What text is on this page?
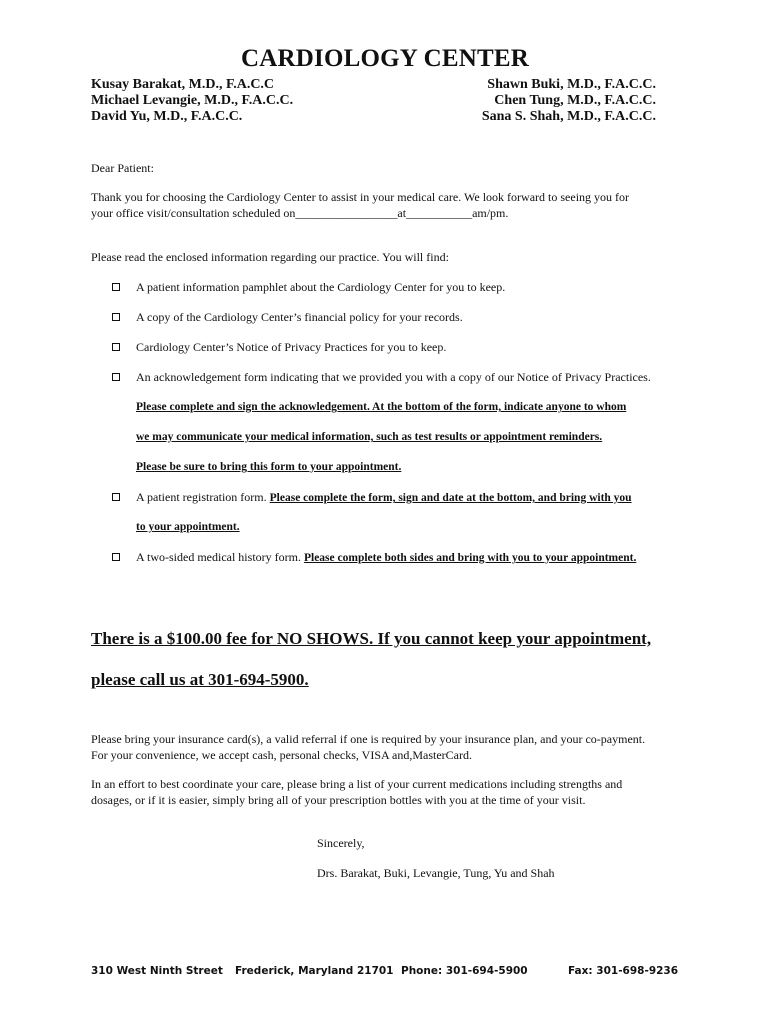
CARDIOLOGY CENTER
Kusay Barakat, M.D., F.A.C.C	Shawn Buki, M.D., F.A.C.C.
Michael Levangie, M.D., F.A.C.C.	Chen Tung, M.D., F.A.C.C.
David Yu, M.D., F.A.C.C.	Sana S. Shah, M.D., F.A.C.C.
Dear Patient:
Thank you for choosing the Cardiology Center to assist in your medical care. We look forward to seeing you for
your office visit/consultation scheduled on_________________at___________am/pm.
Please read the enclosed information regarding our practice. You will find:
A patient information pamphlet about the Cardiology Center for you to keep.
A copy of the Cardiology Center’s financial policy for your records.
Cardiology Center’s Notice of Privacy Practices for you to keep.
An acknowledgement form indicating that we provided you with a copy of our Notice of Privacy Practices.
Please complete and sign the acknowledgement. At the bottom of the form, indicate anyone to whom
we may communicate your medical information, such as test results or appointment reminders.
Please be sure to bring this form to your appointment.
A patient registration form. Please complete the form, sign and date at the bottom, and bring with you
to your appointment.
A two-sided medical history form. Please complete both sides and bring with you to your appointment.
There is a $100.00 fee for NO SHOWS. If you cannot keep your appointment,
please call us at 301-694-5900.
Please bring your insurance card(s), a valid referral if one is required by your insurance plan, and your co-payment.
For your convenience, we accept cash, personal checks, VISA and,MasterCard.
In an effort to best coordinate your care, please bring a list of your current medications including strengths and
dosages, or if it is easier, simply bring all of your prescription bottles with you at the time of your visit.
Sincerely,
Drs. Barakat, Buki, Levangie, Tung, Yu and Shah
310 West Ninth Street Frederick, Maryland 21701 Phone: 301-694-5900	Fax: 301-698-9236
